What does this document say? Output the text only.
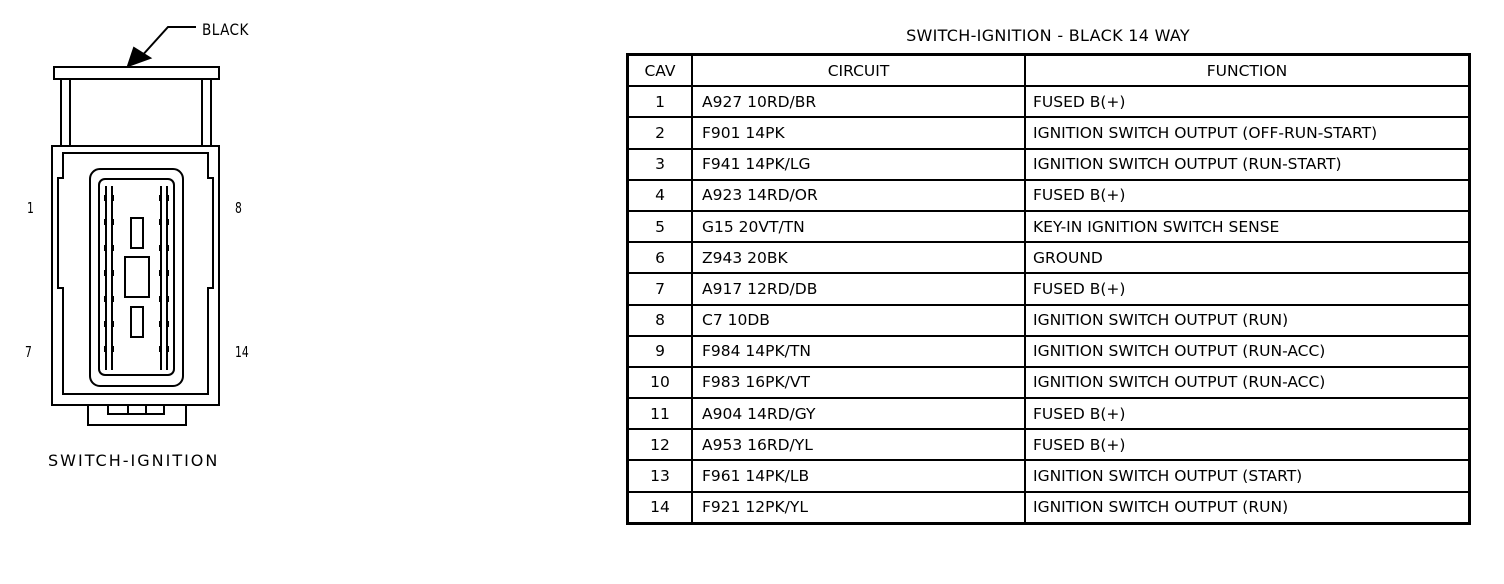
BLACK
1	8
7	14
SWITCH-IGNITION
SWITCH-IGNITION - BLACK 14 WAY
CAV	CIRCUIT	FUNCTION
1	A927 10RD/BR	FUSED B(+)
2	F901 14PK	IGNITION SWITCH OUTPUT (OFF-RUN-START)
3	F941 14PK/LG	IGNITION SWITCH OUTPUT (RUN-START)
4	A923 14RD/OR	FUSED B(+)
5	G15 20VT/TN	KEY-IN IGNITION SWITCH SENSE
6	Z943 20BK	GROUND
7	A917 12RD/DB	FUSED B(+)
8	C7 10DB	IGNITION SWITCH OUTPUT (RUN)
9	F984 14PK/TN	IGNITION SWITCH OUTPUT (RUN-ACC)
10	F983 16PK/VT	IGNITION SWITCH OUTPUT (RUN-ACC)
11	A904 14RD/GY	FUSED B(+)
12	A953 16RD/YL	FUSED B(+)
13	F961 14PK/LB	IGNITION SWITCH OUTPUT (START)
14	F921 12PK/YL	IGNITION SWITCH OUTPUT (RUN)
